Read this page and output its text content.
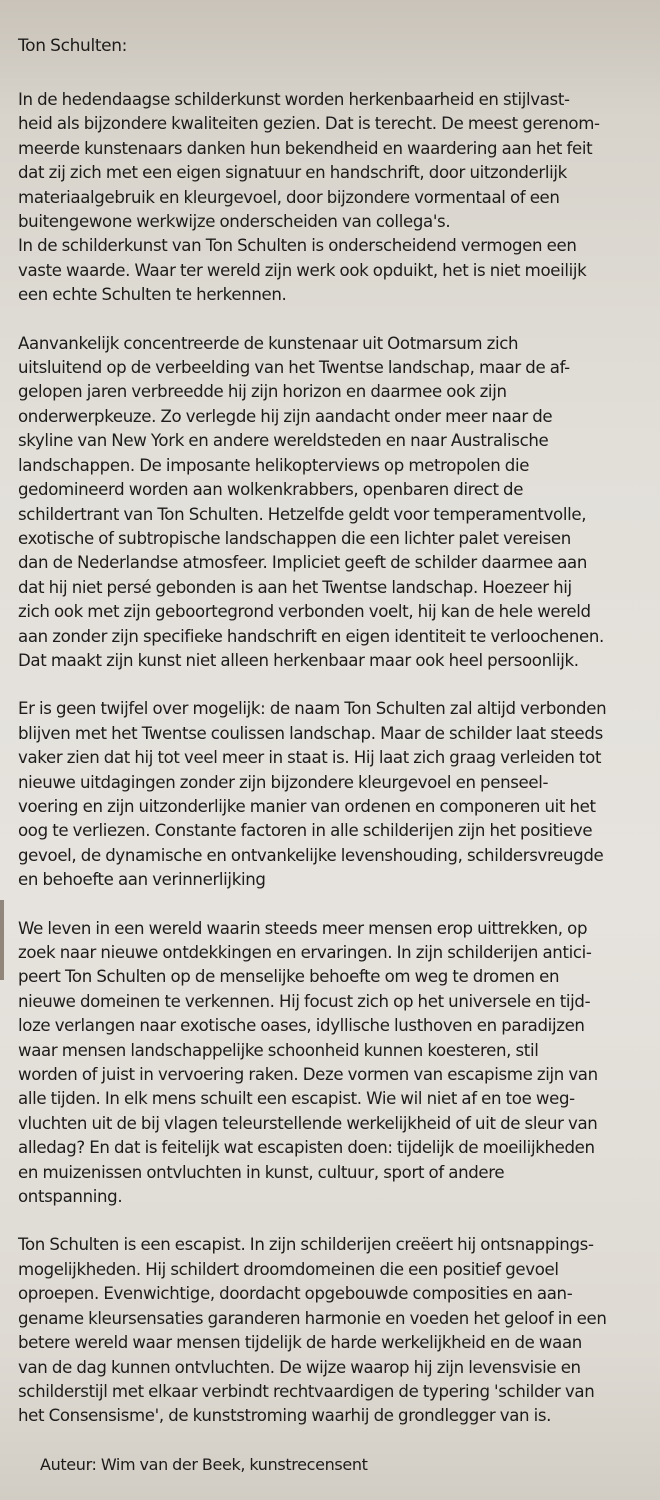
Ton Schulten:
In de hedendaagse schilderkunst worden herkenbaarheid en stijlvast-
heid als bijzondere kwaliteiten gezien. Dat is terecht. De meest gerenom-
meerde kunstenaars danken hun bekendheid en waardering aan het feit
dat zij zich met een eigen signatuur en handschrift, door uitzonderlijk
materiaalgebruik en kleurgevoel, door bijzondere vormentaal of een
buitengewone werkwijze onderscheiden van collega's.
In de schilderkunst van Ton Schulten is onderscheidend vermogen een
vaste waarde. Waar ter wereld zijn werk ook opduikt, het is niet moeilijk
een echte Schulten te herkennen.
Aanvankelijk concentreerde de kunstenaar uit Ootmarsum zich
uitsluitend op de verbeelding van het Twentse landschap, maar de af-
gelopen jaren verbreedde hij zijn horizon en daarmee ook zijn
onderwerpkeuze. Zo verlegde hij zijn aandacht onder meer naar de
skyline van New York en andere wereldsteden en naar Australische
landschappen. De imposante helikopterviews op metropolen die
gedomineerd worden aan wolkenkrabbers, openbaren direct de
schildertrant van Ton Schulten. Hetzelfde geldt voor temperamentvolle,
exotische of subtropische landschappen die een lichter palet vereisen
dan de Nederlandse atmosfeer. Impliciet geeft de schilder daarmee aan
dat hij niet persé gebonden is aan het Twentse landschap. Hoezeer hij
zich ook met zijn geboortegrond verbonden voelt, hij kan de hele wereld
aan zonder zijn specifieke handschrift en eigen identiteit te verloochenen.
Dat maakt zijn kunst niet alleen herkenbaar maar ook heel persoonlijk.
Er is geen twijfel over mogelijk: de naam Ton Schulten zal altijd verbonden
blijven met het Twentse coulissen landschap. Maar de schilder laat steeds
vaker zien dat hij tot veel meer in staat is. Hij laat zich graag verleiden tot
nieuwe uitdagingen zonder zijn bijzondere kleurgevoel en penseel-
voering en zijn uitzonderlijke manier van ordenen en componeren uit het
oog te verliezen. Constante factoren in alle schilderijen zijn het positieve
gevoel, de dynamische en ontvankelijke levenshouding, schildersvreugde
en behoefte aan verinnerlijking
We leven in een wereld waarin steeds meer mensen erop uittrekken, op
zoek naar nieuwe ontdekkingen en ervaringen. In zijn schilderijen antici-
peert Ton Schulten op de menselijke behoefte om weg te dromen en
nieuwe domeinen te verkennen. Hij focust zich op het universele en tijd-
loze verlangen naar exotische oases, idyllische lusthoven en paradijzen
waar mensen landschappelijke schoonheid kunnen koesteren, stil
worden of juist in vervoering raken. Deze vormen van escapisme zijn van
alle tijden. In elk mens schuilt een escapist. Wie wil niet af en toe weg-
vluchten uit de bij vlagen teleurstellende werkelijkheid of uit de sleur van
alledag? En dat is feitelijk wat escapisten doen: tijdelijk de moeilijkheden
en muizenissen ontvluchten in kunst, cultuur, sport of andere
ontspanning.
Ton Schulten is een escapist. In zijn schilderijen creëert hij ontsnappings-
mogelijkheden. Hij schildert droomdomeinen die een positief gevoel
oproepen. Evenwichtige, doordacht opgebouwde composities en aan-
gename kleursensaties garanderen harmonie en voeden het geloof in een
betere wereld waar mensen tijdelijk de harde werkelijkheid en de waan
van de dag kunnen ontvluchten. De wijze waarop hij zijn levensvisie en
schilderstijl met elkaar verbindt rechtvaardigen de typering 'schilder van
het Consensisme', de kunststroming waarhij de grondlegger van is.
Auteur: Wim van der Beek, kunstrecensent
